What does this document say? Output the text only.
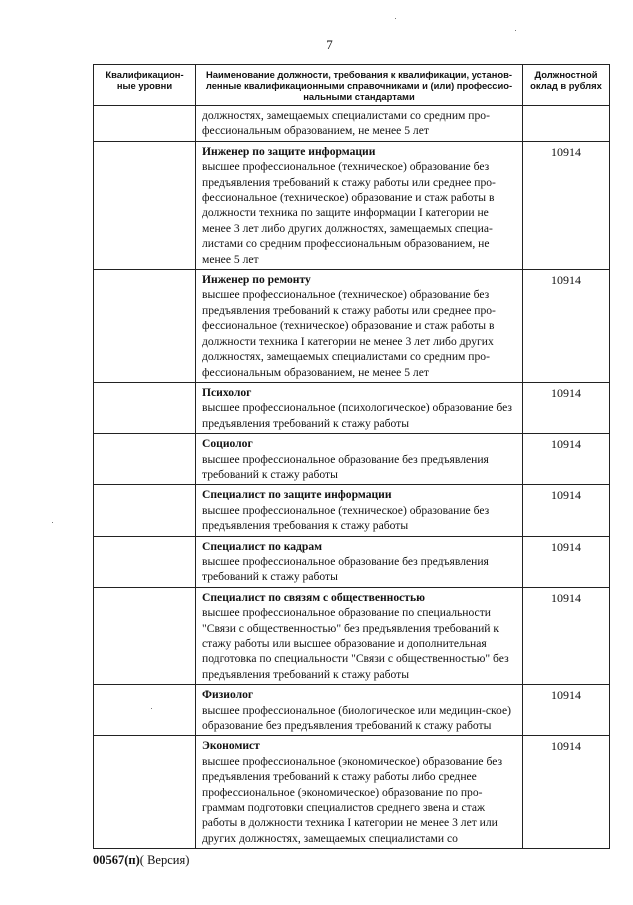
7
Квалификацион-ные уровни	Наименование должности, требования к квалификации, установ-ленные квалификационными справочниками и (или) профессио-нальными стандартами	Должностной оклад в рублях
	должностях, замещаемых специалистами со средним про-фессиональным образованием, не менее 5 лет	

	Инженер по защите информации
высшее профессиональное (техническое) образование без предъявления требований к стажу работы или среднее про-фессиональное (техническое) образование и стаж работы в должности техника по защите информации I категории не менее 3 лет либо других должностях, замещаемых специа-листами со средним профессиональным образованием, не менее 5 лет	10914

	Инженер по ремонту
высшее профессиональное (техническое) образование без предъявления требований к стажу работы или среднее про-фессиональное (техническое) образование и стаж работы в должности техника I категории не менее 3 лет либо других должностях, замещаемых специалистами со средним про-фессиональным образованием, не менее 5 лет	10914

	Психолог
высшее профессиональное (психологическое) образование без предъявления требований к стажу работы	10914

	Социолог
высшее профессиональное образование без предъявления требований к стажу работы	10914

	Специалист по защите информации
высшее профессиональное (техническое) образование без предъявления требования к стажу работы	10914

	Специалист по кадрам
высшее профессиональное образование без предъявления требований к стажу работы	10914

	Специалист по связям с общественностью
высшее профессиональное образование по специальности "Связи с общественностью" без предъявления требований к стажу работы или высшее образование и дополнительная подготовка по специальности "Связи с общественностью" без предъявления требований к стажу работы	10914

	Физиолог
высшее профессиональное (биологическое или медицин-ское) образование без предъявления требований к стажу работы	10914

	Экономист
высшее профессиональное (экономическое) образование без предъявления требований к стажу работы либо среднее профессиональное (экономическое) образование по про-граммам подготовки специалистов среднего звена и стаж работы в должности техника I категории не менее 3 лет или других должностях, замещаемых специалистами со	10914
00567(п)( Версия)
